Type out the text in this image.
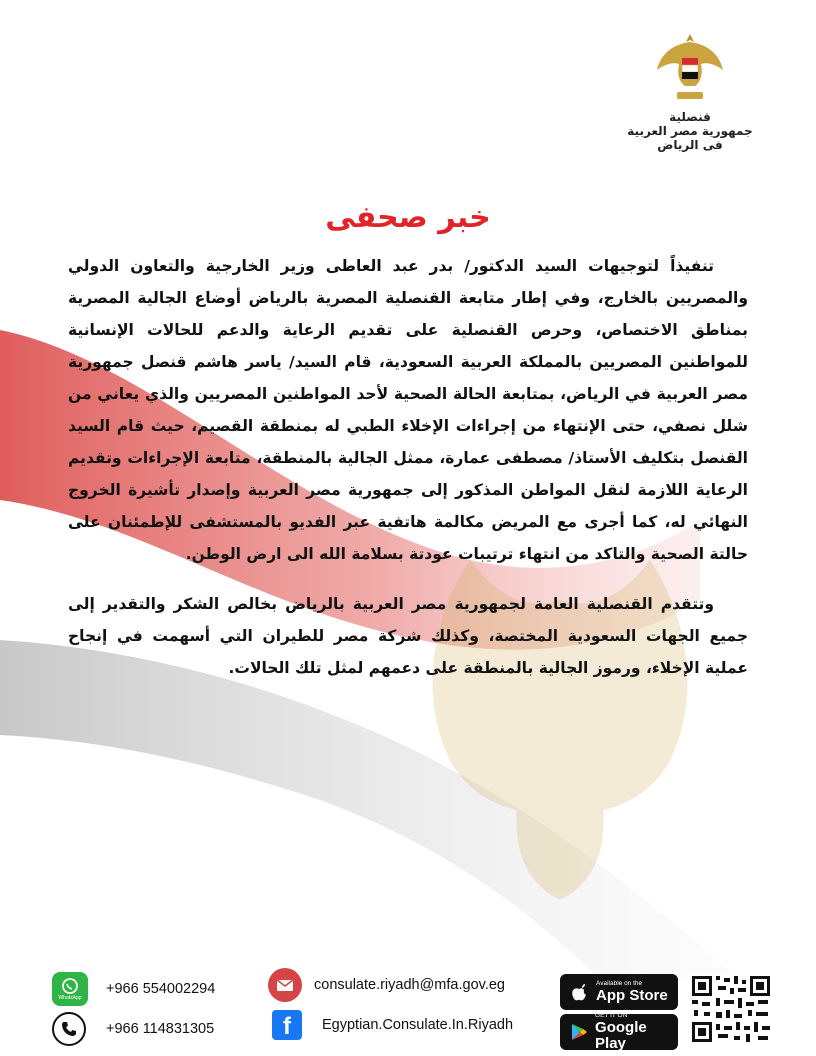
قنصلية
جمهورية مصر العربية
فى الرياض
خبر صحفى

تنفيذاً لتوجيهات السيد الدكتور/ بدر عبد العاطى وزير الخارجية والتعاون الدولي والمصريين بالخارج، وفي إطار متابعة القنصلية المصرية بالرياض أوضاع الجالية المصرية بمناطق الاختصاص، وحرص القنصلية على تقديم الرعاية والدعم للحالات الإنسانية للمواطنين المصريين بالمملكة العربية السعودية، قام السيد/ ياسر هاشم قنصل جمهورية مصر العربية في الرياض، بمتابعة الحالة الصحية لأحد المواطنين المصريين والذي يعاني من شلل نصفي، حتى الإنتهاء من إجراءات الإخلاء الطبي له بمنطقة القصيم، حيث قام السيد القنصل بتكليف الأستاذ/ مصطفى عمارة، ممثل الجالية بالمنطقة، متابعة الإجراءات وتقديم الرعاية اللازمة لنقل المواطن المذكور إلى جمهورية مصر العربية وإصدار تأشيرة الخروج النهائي له، كما أجرى مع المريض مكالمة هاتفية عبر الفديو بالمستشفى للإطمئنان على حالتة الصحية والتاكد من انتهاء ترتيبات عودتة بسلامة الله الى ارض الوطن.

وتتقدم القنصلية العامة لجمهورية مصر العربية بالرياض بخالص الشكر والتقدير إلى جميع الجهات السعودية المختصة، وكذلك شركة مصر للطيران التي أسهمت في إنجاح عملية الإخلاء، ورموز الجالية بالمنطقة على دعمهم لمثل تلك الحالات.

WhatsApp
+966 554002294
+966 114831305
consulate.riyadh@mfa.gov.eg
f	Egyptian.Consulate.In.Riyadh
Available on the
App Store
GET IT ON
Google Play
